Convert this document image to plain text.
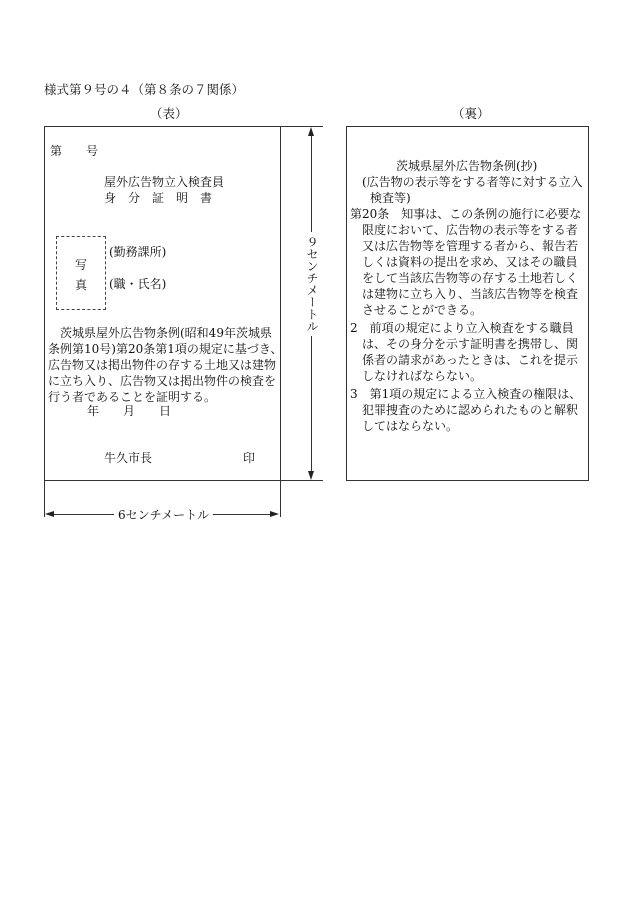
様式第９号の４（第８条の７関係）
（表）	（裏）
第　　号
屋外広告物立入検査員
身　分　証　明　書
写
真
(勤務課所)
(職・氏名)
　茨城県屋外広告物条例(昭和49年茨城県
条例第10号)第20条第1項の規定に基づき、
広告物又は掲出物件の存する土地又は建物
に立ち入り、広告物又は掲出物件の検査を
行う者であることを証明する。
年　　月　　日
牛久市長	印
茨城県屋外広告物条例(抄)
(広告物の表示等をする者等に対する立入
検査等)
第20条　知事は、この条例の施行に必要な
限度において、広告物の表示等をする者
又は広告物等を管理する者から、報告若
しくは資料の提出を求め、又はその職員
をして当該広告物等の存する土地若しく
は建物に立ち入り、当該広告物等を検査
させることができる。
2　前項の規定により立入検査をする職員
は、その身分を示す証明書を携帯し、関
係者の請求があったときは、これを提示
しなければならない。
3　第1項の規定による立入検査の権限は、
犯罪捜査のために認められたものと解釈
してはならない。
９センチメートル
6センチメートル
